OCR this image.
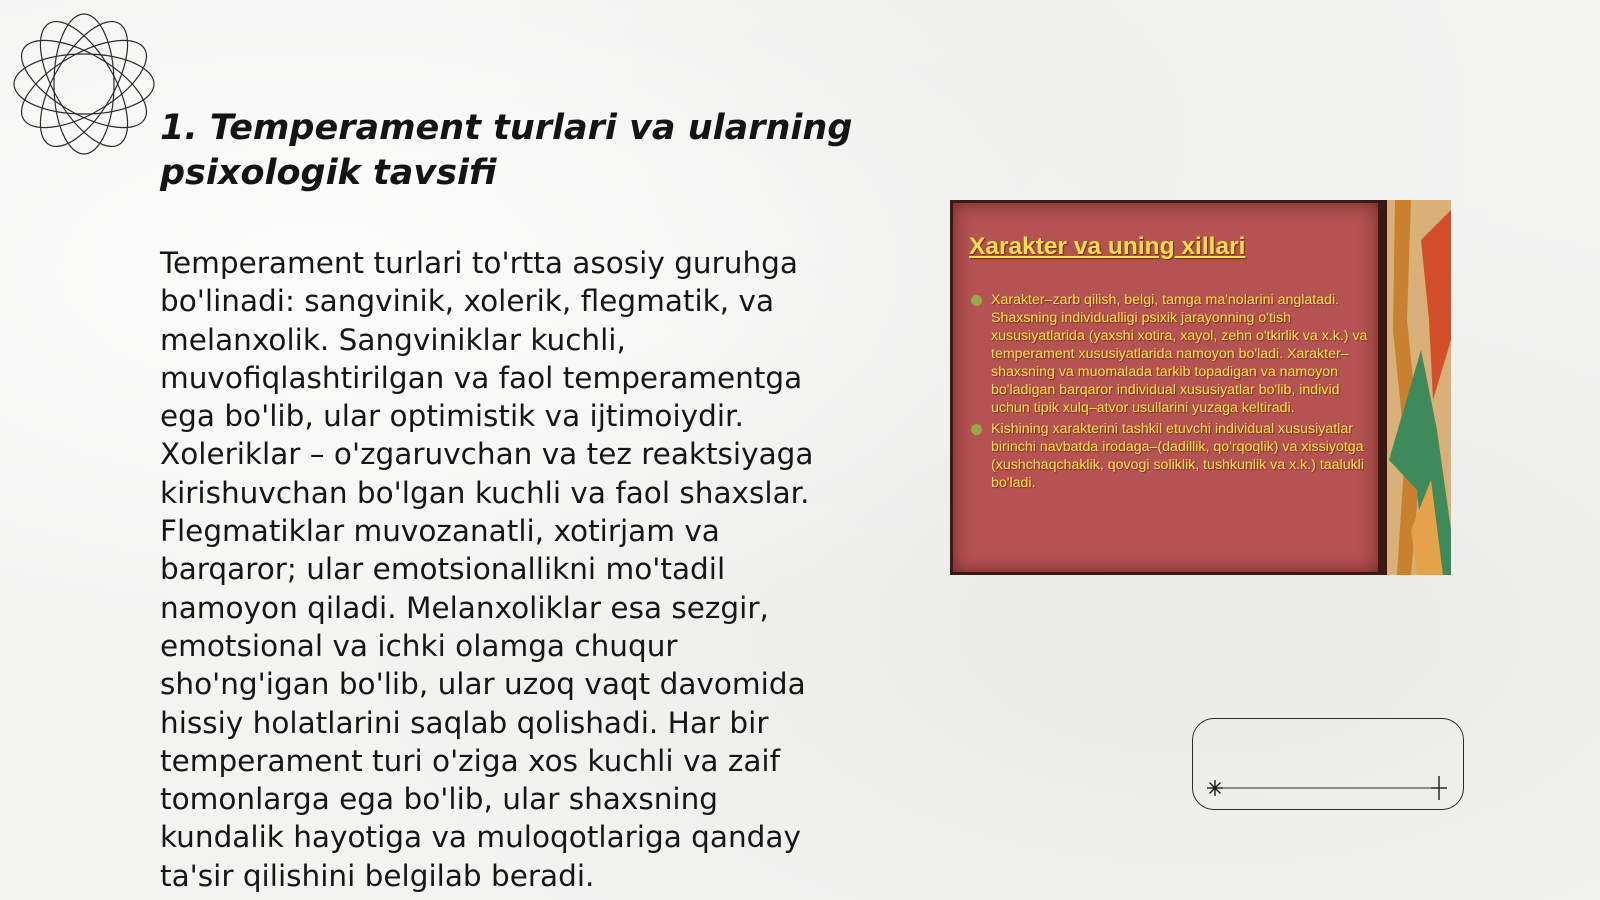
1. Temperament turlari va ularning psixologik tavsifi

Temperament turlari to'rtta asosiy guruhga bo'linadi: sangvinik, xolerik, flegmatik, va melanxolik. Sangviniklar kuchli, muvofiqlashtirilgan va faol temperamentga ega bo'lib, ular optimistik va ijtimoiydir. Xoleriklar – o'zgaruvchan va tez reaktsiyaga kirishuvchan bo'lgan kuchli va faol shaxslar. Flegmatiklar muvozanatli, xotirjam va barqaror; ular emotsionallikni mo'tadil namoyon qiladi. Melanxoliklar esa sezgir, emotsional va ichki olamga chuqur sho'ng'igan bo'lib, ular uzoq vaqt davomida hissiy holatlarini saqlab qolishadi. Har bir temperament turi o'ziga xos kuchli va zaif tomonlarga ega bo'lib, ular shaxsning kundalik hayotiga va muloqotlariga qanday ta'sir qilishini belgilab beradi.

Xarakter va uning xillari
Xarakter–zarb qilish, belgi, tamga ma'nolarini anglatadi. Shaxsning individualligi psixik jarayonning o'tish xususiyatlarida (yaxshi xotira, xayol, zehn o'tkirlik va x.k.) va temperament xususiyatlarida namoyon bo'ladi. Xarakter–shaxsning va muomalada tarkib topadigan va namoyon bo'ladigan barqaror individual xususiyatlar bo'lib, individ uchun tipik xulq–atvor usullarini yuzaga keltiradi.
Kishining xarakterini tashkil etuvchi individual xususiyatlar birinchi navbatda irodaga–(dadillik, qo'rqoqlik) va xissiyotga (xushchaqchaklik, qovogi soliklik, tushkunlik va x.k.) taalukli bo'ladi.
